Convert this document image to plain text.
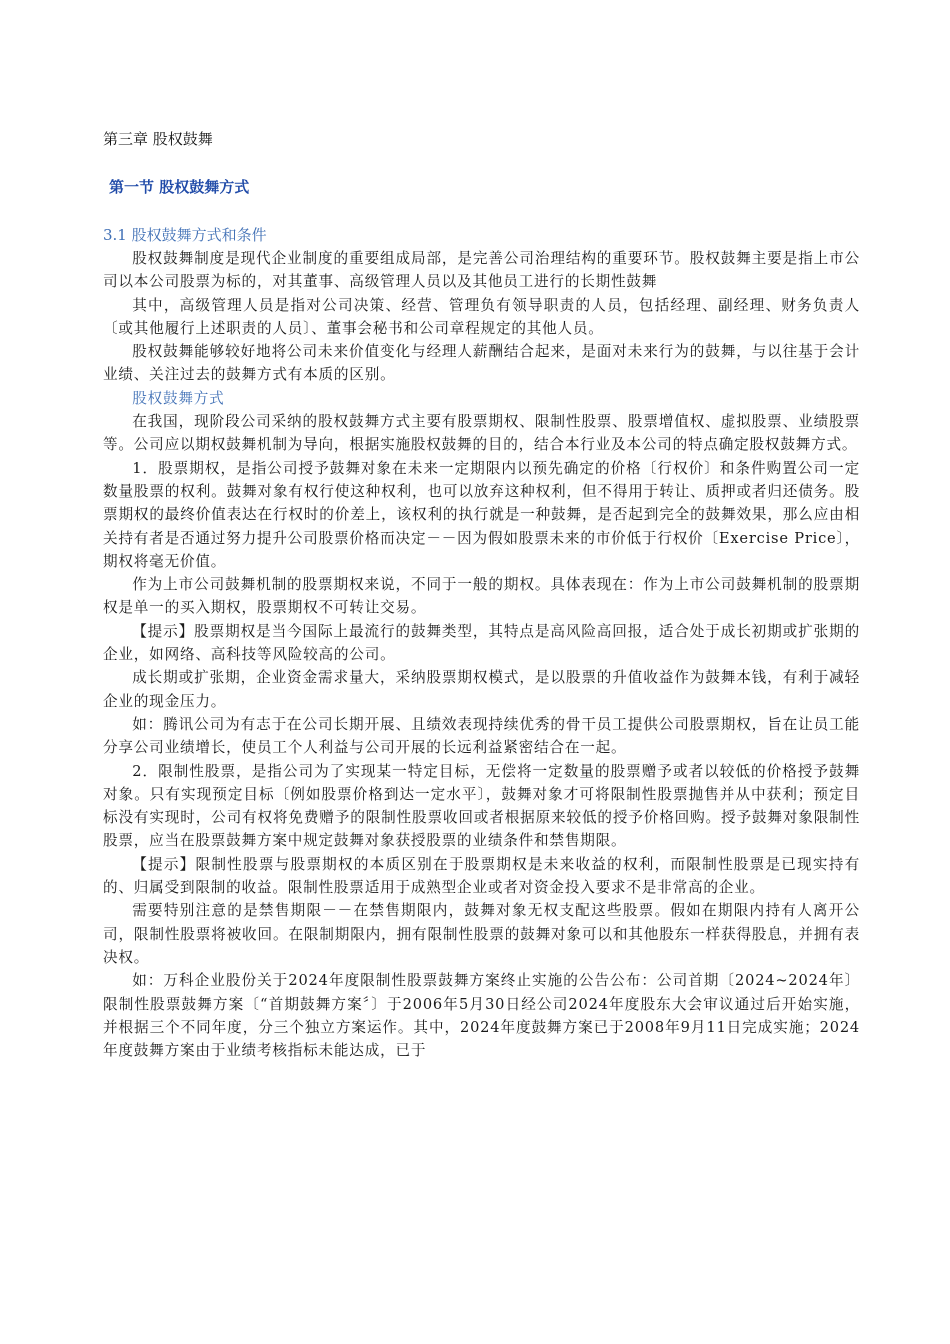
第三章 股权鼓舞
第一节 股权鼓舞方式
3.1 股权鼓舞方式和条件

股权鼓舞制度是现代企业制度的重要组成局部，是完善公司治理结构的重要环节。股权鼓舞主要是指上市公司以本公司股票为标的，对其董事、高级管理人员以及其他员工进行的长期性鼓舞

其中，高级管理人员是指对公司决策、经营、管理负有领导职责的人员，包括经理、副经理、财务负责人〔或其他履行上述职责的人员〕、董事会秘书和公司章程规定的其他人员。

股权鼓舞能够较好地将公司未来价值变化与经理人薪酬结合起来，是面对未来行为的鼓舞，与以往基于会计业绩、关注过去的鼓舞方式有本质的区别。

股权鼓舞方式

在我国，现阶段公司采纳的股权鼓舞方式主要有股票期权、限制性股票、股票增值权、虚拟股票、业绩股票等。公司应以期权鼓舞机制为导向，根据实施股权鼓舞的目的，结合本行业及本公司的特点确定股权鼓舞方式。

1．股票期权，是指公司授予鼓舞对象在未来一定期限内以预先确定的价格〔行权价〕和条件购置公司一定数量股票的权利。鼓舞对象有权行使这种权利，也可以放弃这种权利，但不得用于转让、质押或者归还债务。股票期权的最终价值表达在行权时的价差上，该权利的执行就是一种鼓舞，是否起到完全的鼓舞效果，那么应由相关持有者是否通过努力提升公司股票价格而决定－－因为假如股票未来的市价低于行权价〔Exercise Price〕，期权将毫无价值。

作为上市公司鼓舞机制的股票期权来说，不同于一般的期权。具体表现在：作为上市公司鼓舞机制的股票期权是单一的买入期权，股票期权不可转让交易。

【提示】股票期权是当今国际上最流行的鼓舞类型，其特点是高风险高回报，适合处于成长初期或扩张期的企业，如网络、高科技等风险较高的公司。

成长期或扩张期，企业资金需求量大，采纳股票期权模式，是以股票的升值收益作为鼓舞本钱，有利于减轻企业的现金压力。

如：腾讯公司为有志于在公司长期开展、且绩效表现持续优秀的骨干员工提供公司股票期权，旨在让员工能分享公司业绩增长，使员工个人利益与公司开展的长远利益紧密结合在一起。

2．限制性股票，是指公司为了实现某一特定目标，无偿将一定数量的股票赠予或者以较低的价格授予鼓舞对象。只有实现预定目标〔例如股票价格到达一定水平〕，鼓舞对象才可将限制性股票抛售并从中获利；预定目标没有实现时，公司有权将免费赠予的限制性股票收回或者根据原来较低的授予价格回购。授予鼓舞对象限制性股票，应当在股票鼓舞方案中规定鼓舞对象获授股票的业绩条件和禁售期限。

【提示】限制性股票与股票期权的本质区别在于股票期权是未来收益的权利，而限制性股票是已现实持有的、归属受到限制的收益。限制性股票适用于成熟型企业或者对资金投入要求不是非常高的企业。

需要特别注意的是禁售期限－－在禁售期限内，鼓舞对象无权支配这些股票。假如在期限内持有人离开公司，限制性股票将被收回。在限制期限内，拥有限制性股票的鼓舞对象可以和其他股东一样获得股息，并拥有表决权。

如：万科企业股份关于2024年度限制性股票鼓舞方案终止实施的公告公布：公司首期〔2024~2024年〕限制性股票鼓舞方案〔“首期鼓舞方案〞〕于2006年5月30日经公司2024年度股东大会审议通过后开始实施，并根据三个不同年度，分三个独立方案运作。其中，2024年度鼓舞方案已于2008年9月11日完成实施；2024年度鼓舞方案由于业绩考核指标未能达成，已于
